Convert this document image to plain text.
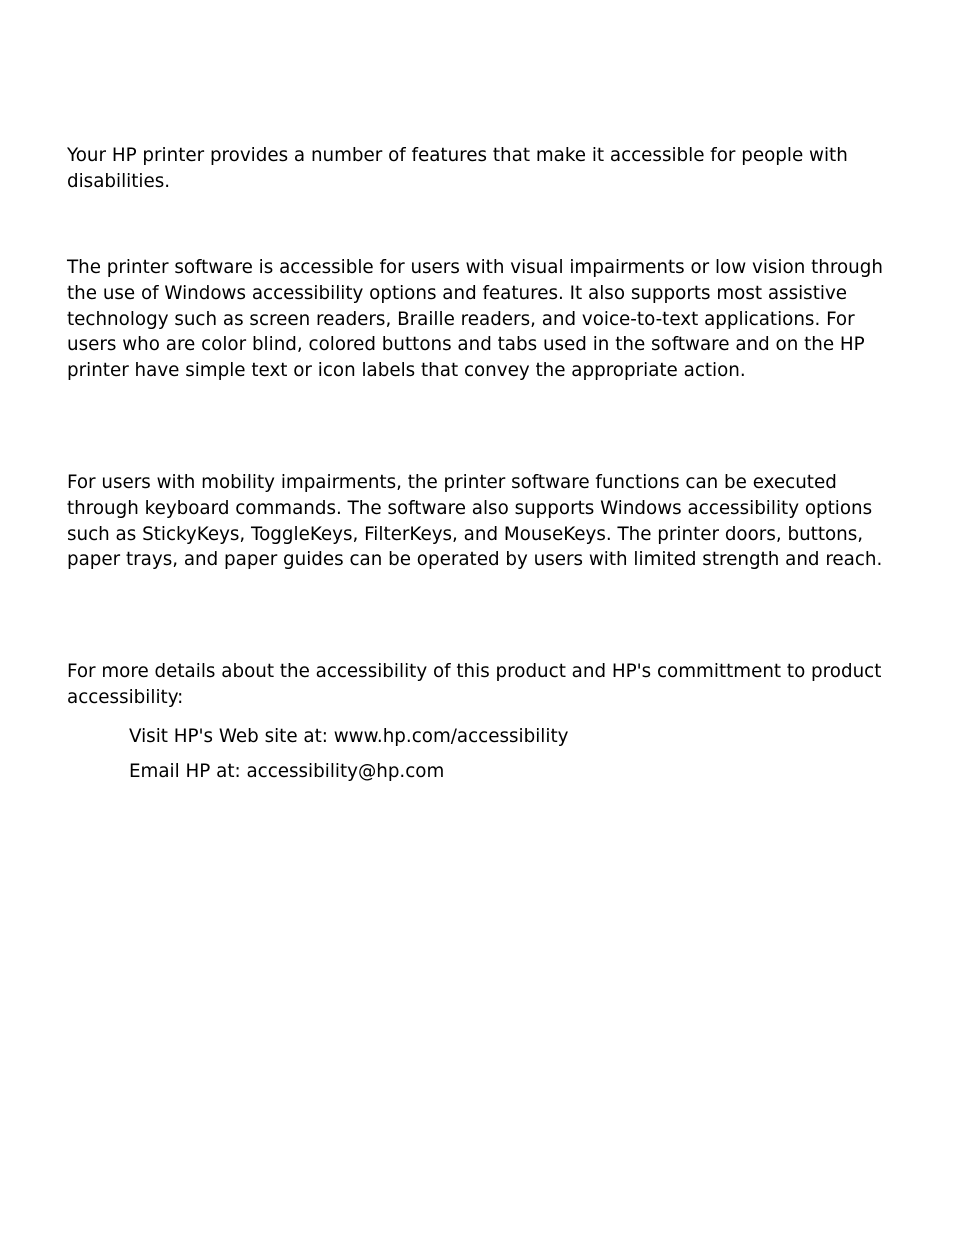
Your HP printer provides a number of features that make it accessible for people with disabilities.

The printer software is accessible for users with visual impairments or low vision through the use of Windows accessibility options and features. It also supports most assistive technology such as screen readers, Braille readers, and voice-to-text applications. For users who are color blind, colored buttons and tabs used in the software and on the HP printer have simple text or icon labels that convey the appropriate action.

For users with mobility impairments, the printer software functions can be executed through keyboard commands. The software also supports Windows accessibility options such as StickyKeys, ToggleKeys, FilterKeys, and MouseKeys. The printer doors, buttons, paper trays, and paper guides can be operated by users with limited strength and reach.

For more details about the accessibility of this product and HP's committment to product accessibility:

Visit HP's Web site at: www.hp.com/accessibility

Email HP at: accessibility@hp.com
